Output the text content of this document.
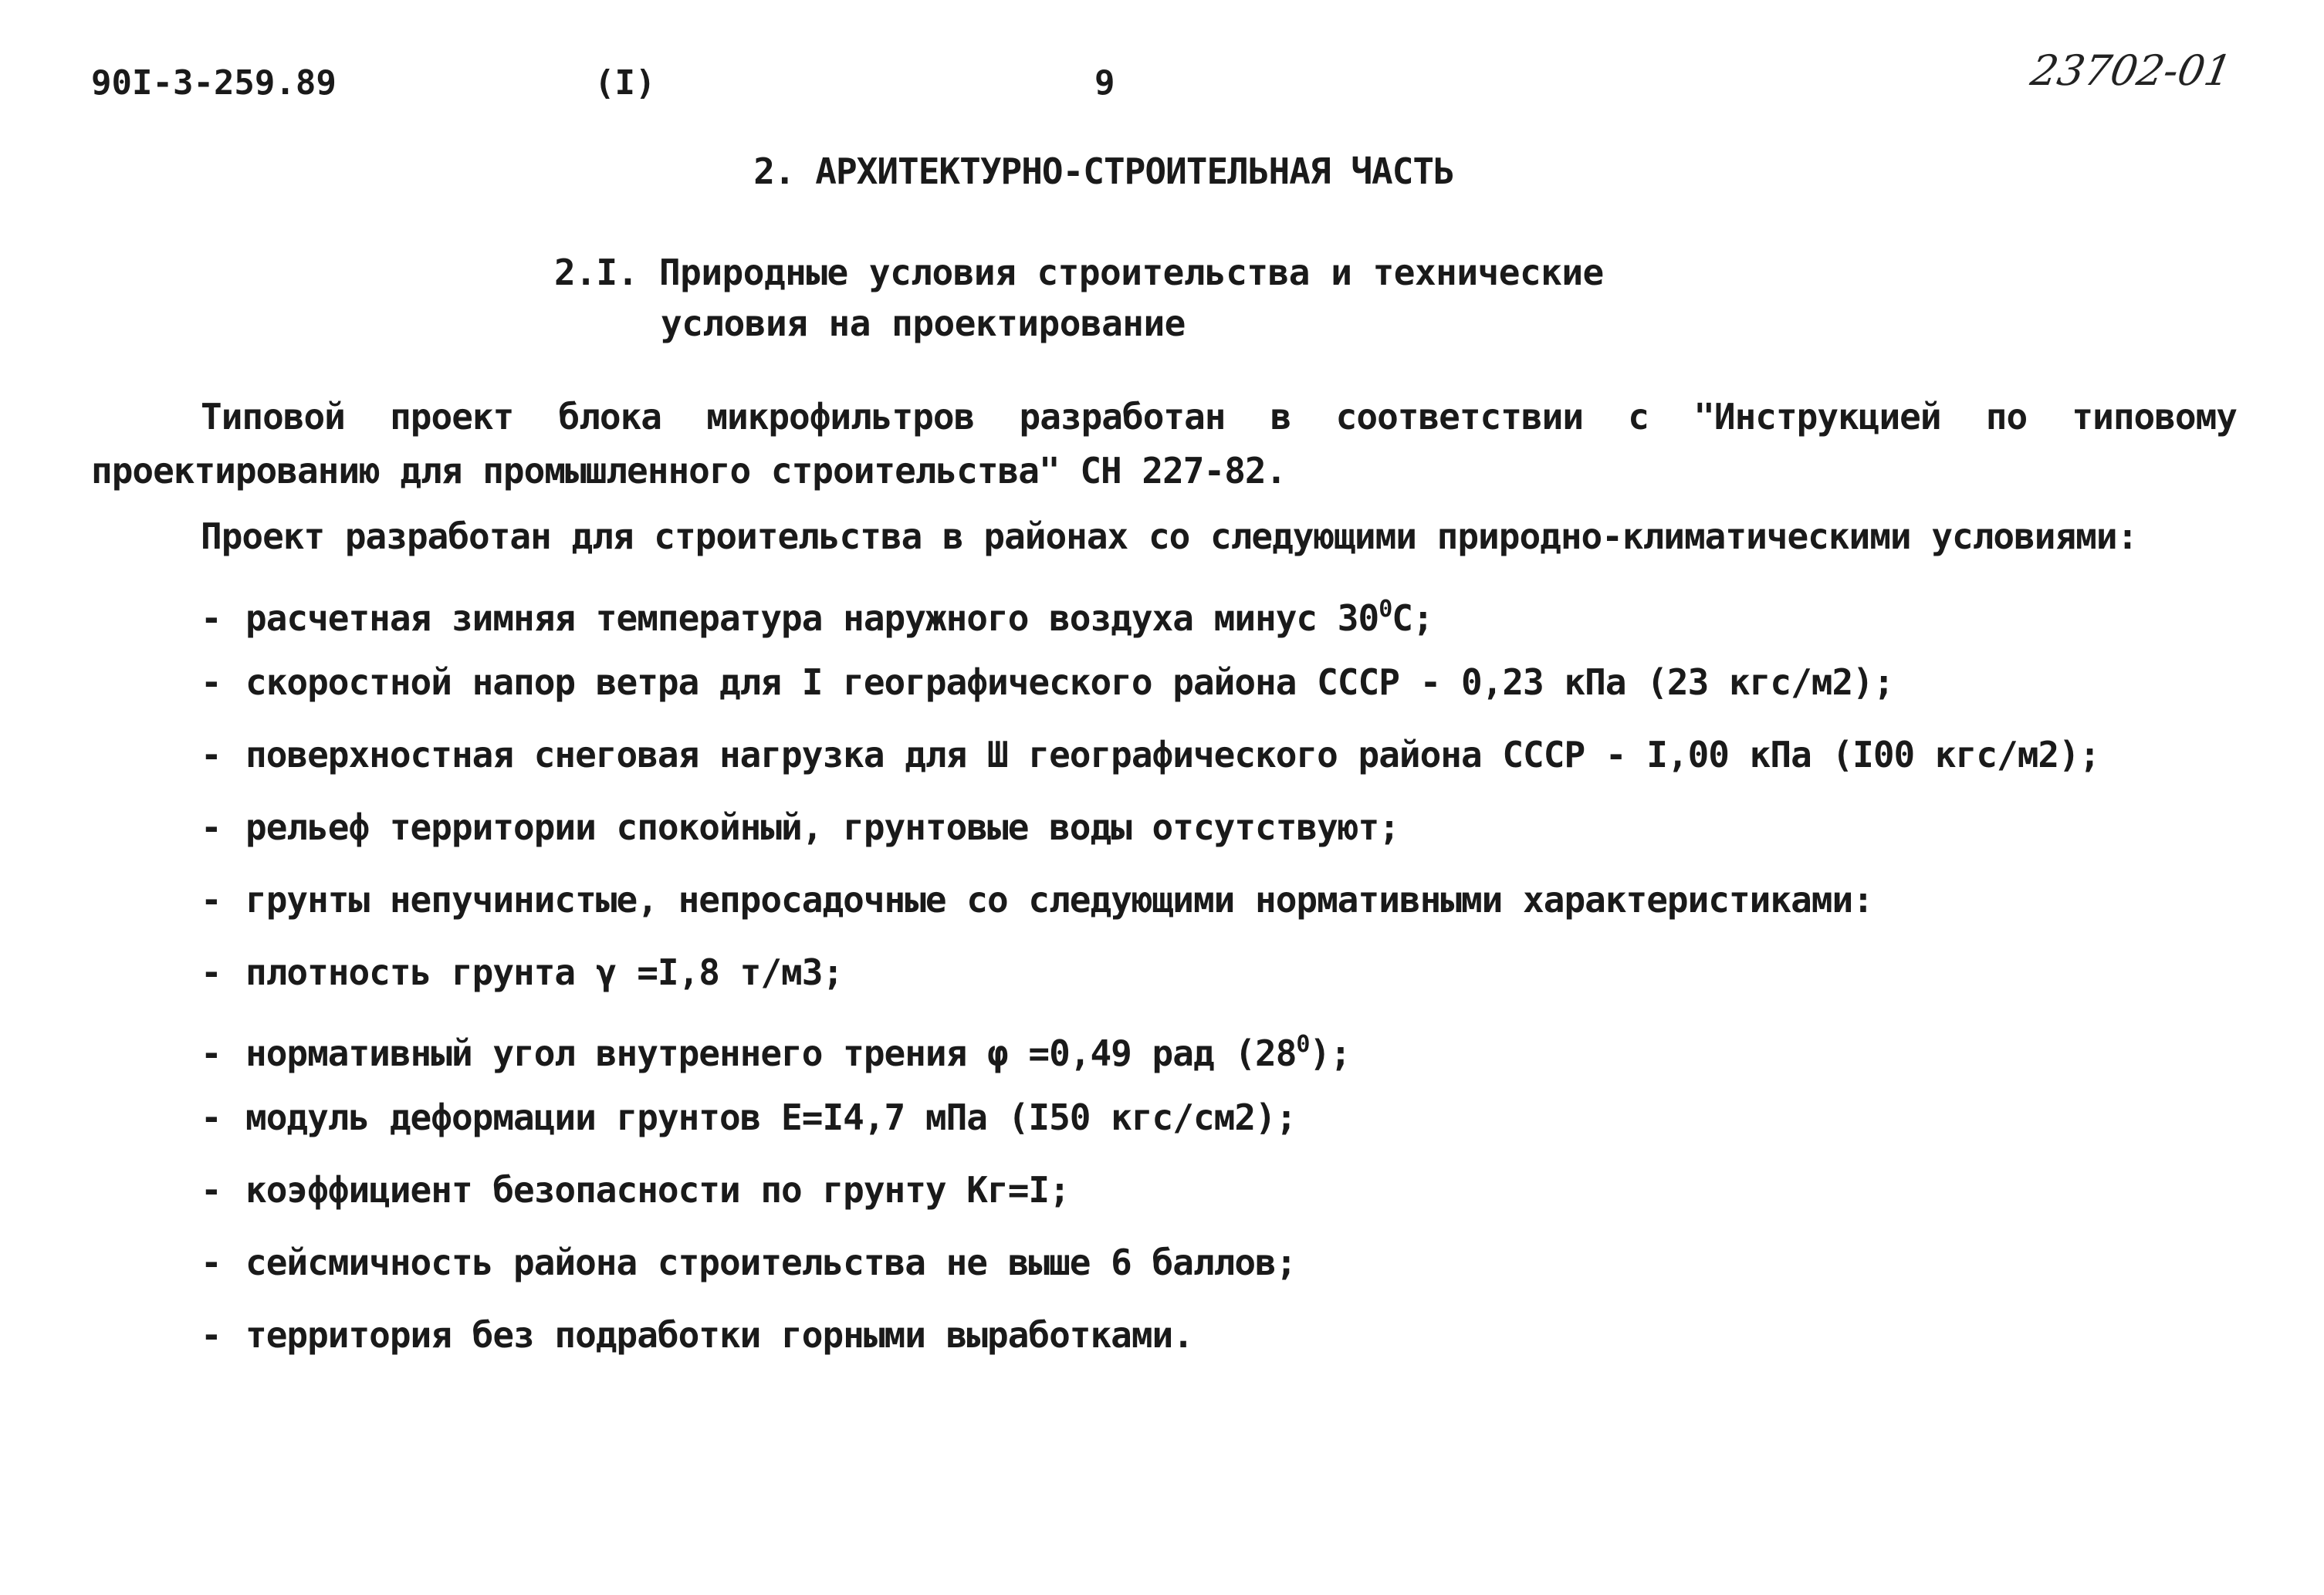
90I-3-259.89	(I)	9	23702-01
2. АРХИТЕКТУРНО-СТРОИТЕЛЬНАЯ ЧАСТЬ
2.I. Природные условия строительства и технические
условия на проектирование
Типовой проект блока микрофильтров разработан в соответствии с "Инструкцией по типовому проектированию для промышленного строительства" СН 227-82.
Проект разработан для строительства в районах со следующими природно-климатическими условиями:
- расчетная зимняя температура наружного воздуха минус $30^0C$;
- скоростной напор ветра для I географического района СССР - 0,23 кПа (23 кгс/м2);
- поверхностная снеговая нагрузка для Ш географического района СССР - I,00 кПа (I00 кгс/м2);
- рельеф территории спокойный, грунтовые воды отсутствуют;
- грунты непучинистые, непросадочные со следующими нормативными характеристиками:
- плотность грунта γ =I,8 т/м3;
- нормативный угол внутреннего трения φ =0,49 рад $(28^0)$;
- модуль деформации грунтов E=I4,7 мПа (I50 кгс/см2);
- коэффициент безопасности по грунту Kг=I;
- сейсмичность района строительства не выше 6 баллов;
- территория без подработки горными выработками.
